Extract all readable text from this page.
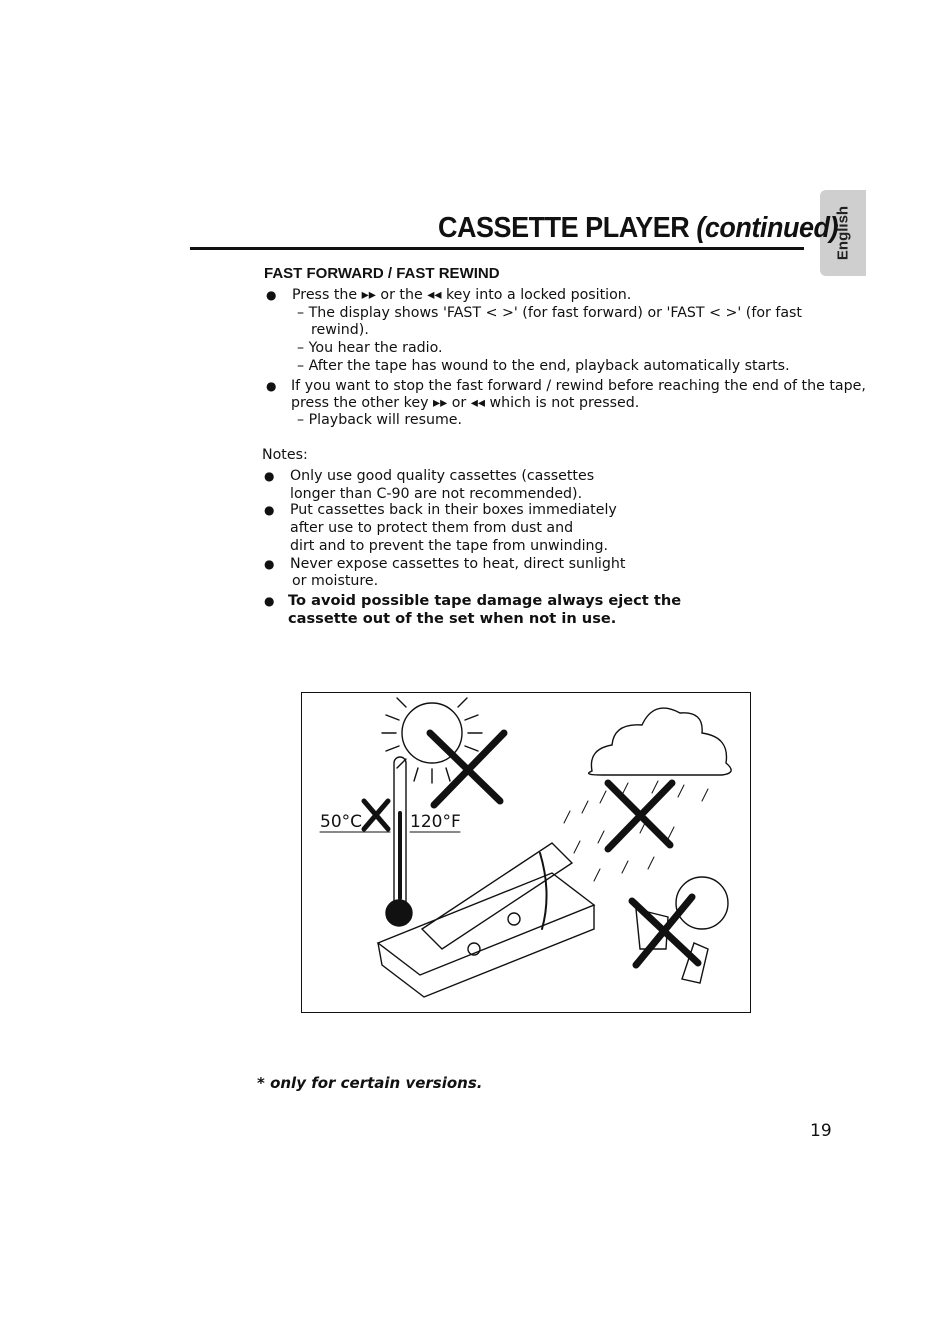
English
CASSETTE PLAYER (continued)
FAST FORWARD / FAST REWIND
● Press the ▸▸ or the ◂◂ key into a locked position.
– The display shows 'FAST < >' (for fast forward) or 'FAST < >' (for fast
rewind).
– You hear the radio.
– After the tape has wound to the end, playback automatically starts.
● If you want to stop the fast forward / rewind before reaching the end of the tape,
press the other key ▸▸ or ◂◂ which is not pressed.
– Playback will resume.
Notes:
● Only use good quality cassettes (cassettes
longer than C-90 are not recommended).
● Put cassettes back in their boxes immediately
after use to protect them from dust and
dirt and to prevent the tape from unwinding.
● Never expose cassettes to heat, direct sunlight
or moisture.
● To avoid possible tape damage always eject the
cassette out of the set when not in use.
50°C	120°F
* only for certain versions.
19
